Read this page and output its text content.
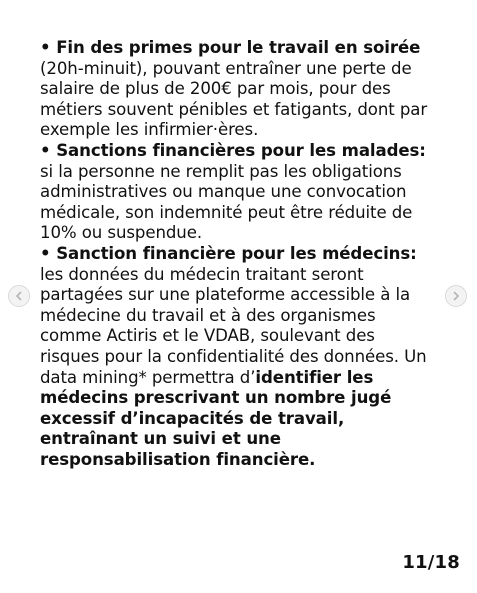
• Fin des primes pour le travail en soirée (20h-minuit), pouvant entraîner une perte de salaire de plus de 200€ par mois, pour des métiers souvent pénibles et fatigants, dont par exemple les infirmier·ères.

• Sanctions financières pour les malades: si la personne ne remplit pas les obligations administratives ou manque une convocation médicale, son indemnité peut être réduite de 10% ou suspendue.

• Sanction financière pour les médecins: les données du médecin traitant seront partagées sur une plateforme accessible à la médecine du travail et à des organismes comme Actiris et le VDAB, soulevant des risques pour la confidentialité des données. Un data mining* permettra d’identifier les médecins prescrivant un nombre jugé excessif d’incapacités de travail, entraînant un suivi et une responsabilisation financière.

11/18
